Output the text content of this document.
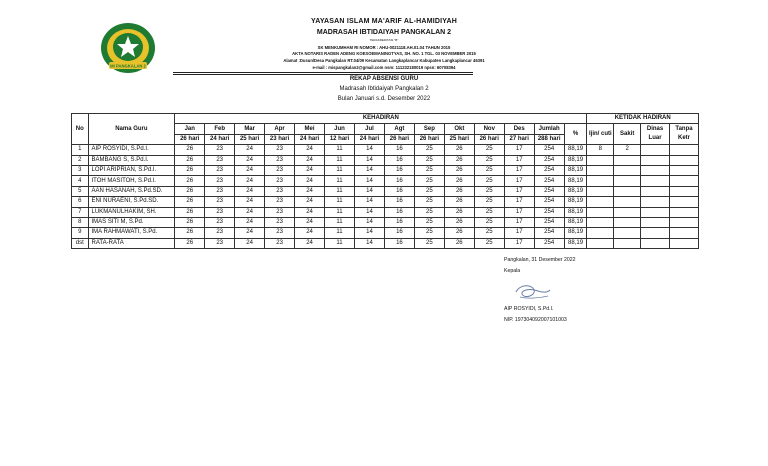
MI PANGKALAN 2
YAYASAN ISLAM MA'ARIF AL-HAMIDIYAH
MADRASAH IBTIDAIYAH PANGKALAN 2
TERAKREDITASI "B"
SK MENKUMHAM RI NOMOR : AHU-0021118.AH.01.04 TAHUN 2015
AKTA NOTARIS RADEN ADENG KOESOEMANINGTYAS, SH. NO. 1 TGL. 03 NOVEMBER 2015
Alamat :Dusun/Desa Pangkalan RT.04/09 Kecamatan Langkaplancar Kabupaten Langkaplancar 46391
e-mail : mispangkalan2@gmail.com nsm: 111232180019 npsn: 60708394
REKAP ABSENSI GURU
Madrasah Ibtidaiyah Pangkalan 2
Bulan Januari s.d. Desember 2022
No	Nama Guru	KEHADIRAN														KETIDAK HADIRAN			
		Jan	Feb	Mar	Apr	Mei	Jun	Jul	Agt	Sep	Okt	Nov	Des	Jumlah	%	Ijin/ cuti	Sakit	Dinas Luar	Tanpa Ketr
		26 hari	24 hari	25 hari	23 hari	24 hari	12 hari	24 hari	26 hari	26 hari	25 hari	26 hari	27 hari	288 hari					
1	AIP ROSYIDI, S.Pd.I.	26	23	24	23	24	11	14	16	25	26	25	17	254	88,19	8	2		
2	BAMBANG S, S.Pd.I.	26	23	24	23	24	11	14	16	25	26	25	17	254	88,19				
3	LOPI ARIPRIAN, S.Pd.I.	26	23	24	23	24	11	14	16	25	26	25	17	254	88,19				
4	ITOH MASITOH, S.Pd.I.	26	23	24	23	24	11	14	16	25	26	25	17	254	88,19				
5	AAN HASANAH, S.Pd.SD.	26	23	24	23	24	11	14	16	25	26	25	17	254	88,19				
6	ENI NURAENI, S.Pd.SD.	26	23	24	23	24	11	14	16	25	26	25	17	254	88,19				
7	LUKMANULHAKIM, SH.	26	23	24	23	24	11	14	16	25	26	25	17	254	88,19				
8	IMAS SITI M, S.Pd.	26	23	24	23	24	11	14	16	25	26	25	17	254	88,19				
9	IMA RAHMAWATI, S.Pd.	26	23	24	23	24	11	14	16	25	26	25	17	254	88,19				
dst	RATA-RATA	26	23	24	23	24	11	14	16	25	26	25	17	254	88,19				
Pangkalan, 31 Desember 2022
Kepala
AIP ROSYIDI, S.Pd.I.
NIP. 197304092007101003
